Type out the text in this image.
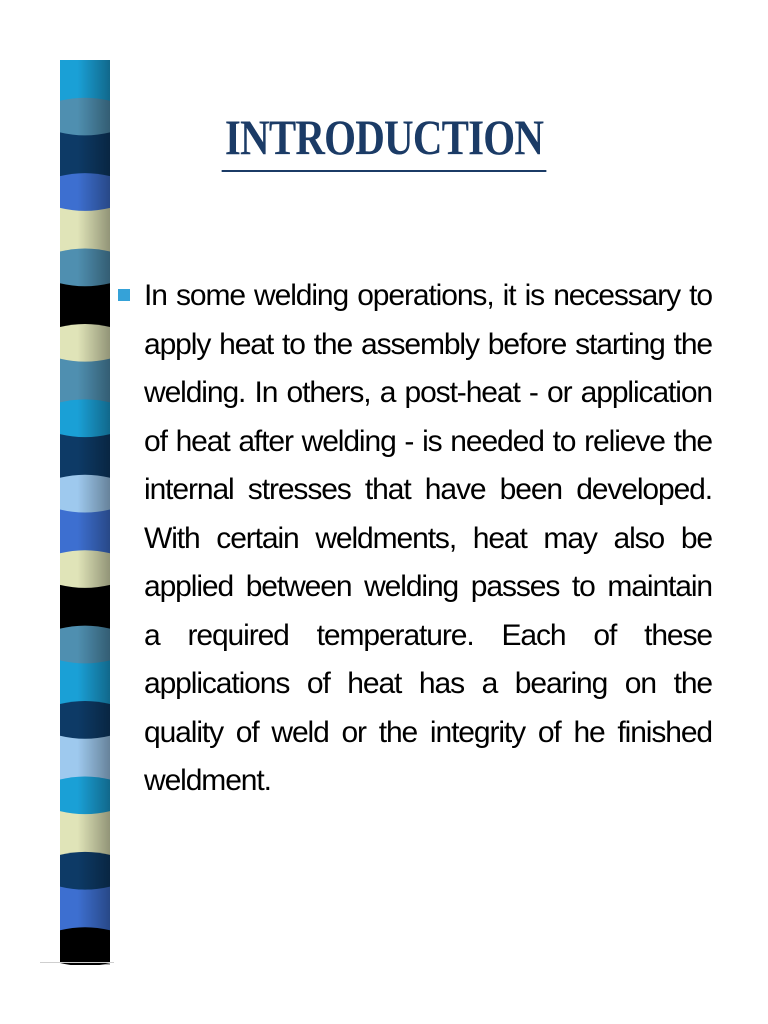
INTRODUCTION

In some welding operations, it is necessary to apply heat to the assembly before starting the welding. In others, a post-heat - or application of heat after welding - is needed to relieve the internal stresses that have been developed. With certain weldments, heat may also be applied between welding passes to maintain a required temperature. Each of these applications of heat has a bearing on the quality of weld or the integrity of he finished weldment.
